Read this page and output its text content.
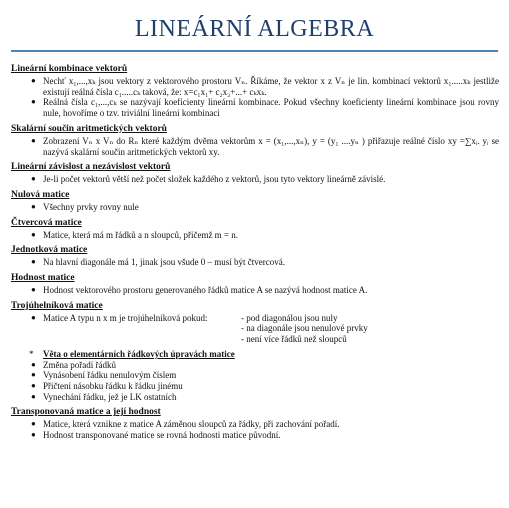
LINEÁRNÍ ALGEBRA
Lineární kombinace vektorů
● Nechť x₁,...,xₖ jsou vektory z vektorového prostoru Vₙ. Říkáme, že vektor x z Vₙ je lin. kombinací vektorů x₁.....xₖ jestliže existují reálná čísla c₁.....cₖ taková, že: x=c₁x₁+ c₂x₂+...+ cₖxₖ.
● Reálná čísla c₁,...,cₖ se nazývají koeficienty lineární kombinace. Pokud všechny koeficienty lineární kombinace jsou rovny nule, hovoříme o tzv. triviální lineární kombinaci
Skalární součin aritmetických vektorů
● Zobrazení Vₙ x Vₙ do Rₙ které každým dvěma vektorům x = (x₁,...,xₙ), y = (y₁ ....yₙ ) přiřazuje reálné číslo xy =∑xᵢ. yᵢ se nazývá skalární součin aritmetických vektorů xy.
Lineární závislost a nezávislost vektorů
● Je-li počet vektorů větší než počet složek každého z vektorů, jsou tyto vektory lineárně závislé.
Nulová matice
● Všechny prvky rovny nule
Čtvercová matice
● Matice, která má m řádků a n sloupců, přičemž m = n.
Jednotková matice
● Na hlavní diagonále má 1, jinak jsou všude 0 – musí být čtvercová.
Hodnost matice
● Hodnost vektorového prostoru generovaného řádků matice A se nazývá hodnost matice A.
Trojúhelníková matice
● Matice A typu n x m je trojúhelníková pokud:	- pod diagonálou jsou nuly
- na diagonále jsou nenulové prvky
- není více řádků než sloupců
* Věta o elementárních řádkových úpravách matice
● Změna pořadí řádků
● Vynásobení řádku nenulovým číslem
● Přičtení násobku řádku k řádku jinému
● Vynechání řádku, jež je LK ostatních
Transponovaná matice a její hodnost
● Matice, která vznikne z matice A záměnou sloupců za řádky, při zachování pořadí.
● Hodnost transponované matice se rovná hodnosti matice původní.
